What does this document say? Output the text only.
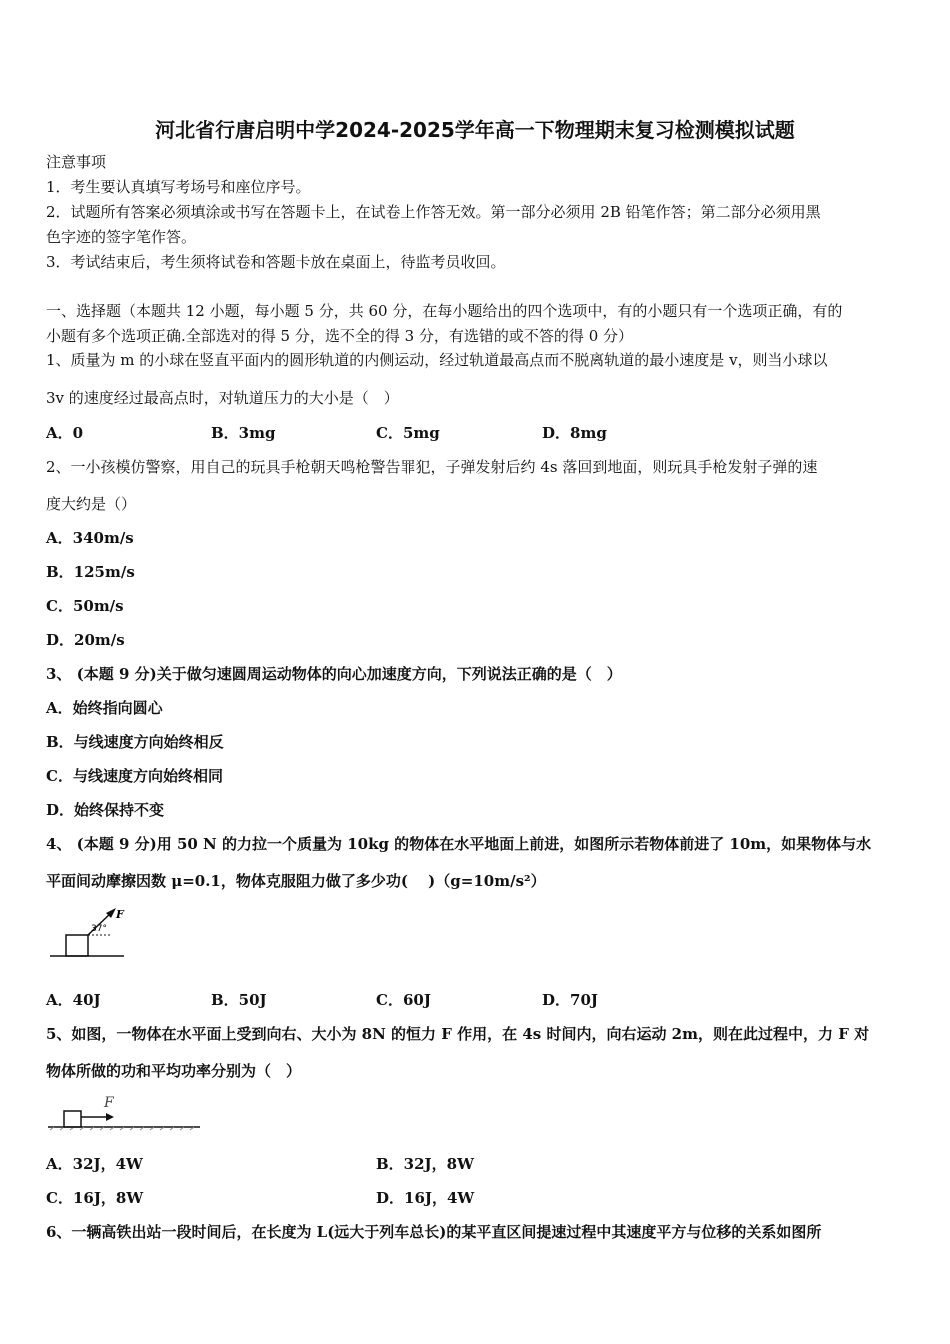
河北省行唐启明中学2024-2025学年高一下物理期末复习检测模拟试题
注意事项
1．考生要认真填写考场号和座位序号。
2．试题所有答案必须填涂或书写在答题卡上，在试卷上作答无效。第一部分必须用 2B 铅笔作答；第二部分必须用黑
色字迹的签字笔作答。
3．考试结束后，考生须将试卷和答题卡放在桌面上，待监考员收回。
一、选择题（本题共 12 小题，每小题 5 分，共 60 分，在每小题给出的四个选项中，有的小题只有一个选项正确，有的
小题有多个选项正确.全部选对的得 5 分，选不全的得 3 分，有选错的或不答的得 0 分）
1、质量为 m 的小球在竖直平面内的圆形轨道的内侧运动，经过轨道最高点而不脱离轨道的最小速度是 v，则当小球以
3v 的速度经过最高点时，对轨道压力的大小是（　）
A．0	B．3mg	C．5mg	D．8mg
2、一小孩模仿警察，用自己的玩具手枪朝天鸣枪警告罪犯，子弹发射后约 4s 落回到地面，则玩具手枪发射子弹的速
度大约是（）
A．340m/s
B．125m/s
C．50m/s
D．20m/s
3、 (本题 9 分)关于做匀速圆周运动物体的向心加速度方向，下列说法正确的是（　）
A．始终指向圆心
B．与线速度方向始终相反
C．与线速度方向始终相同
D．始终保持不变
4、 (本题 9 分)用 50 N 的力拉一个质量为 10kg 的物体在水平地面上前进，如图所示若物体前进了 10m，如果物体与水
平面间动摩擦因数 μ=0.1，物体克服阻力做了多少功(　 )（g=10m/s²）
F
37°
A．40J	B．50J	C．60J	D．70J
5、如图，一物体在水平面上受到向右、大小为 8N 的恒力 F 作用，在 4s 时间内，向右运动 2m，则在此过程中，力 F 对
物体所做的功和平均功率分别为（　）
F
A．32J，4W	B．32J，8W
C．16J，8W	D．16J，4W
6、一辆高铁出站一段时间后，在长度为 L(远大于列车总长)的某平直区间提速过程中其速度平方与位移的关系如图所
